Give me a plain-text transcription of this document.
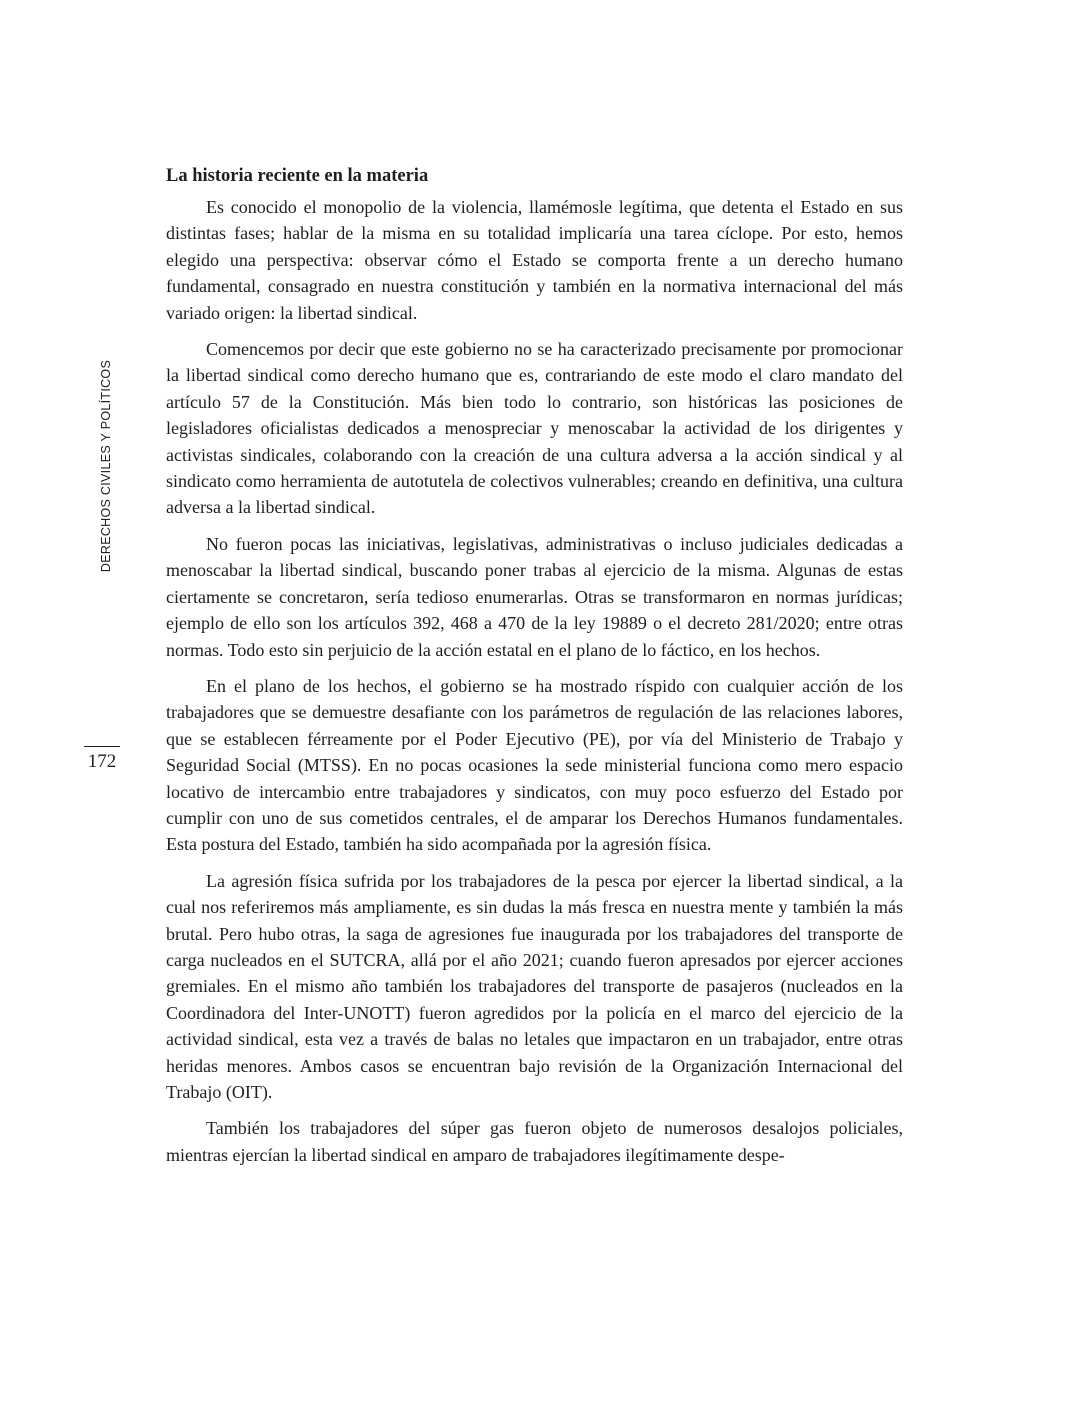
DERECHOS CIVILES Y POLÍTICOS
172
La historia reciente en la materia

Es conocido el monopolio de la violencia, llamémosle legítima, que detenta el Estado en sus distintas fases; hablar de la misma en su totalidad implicaría una tarea cíclope. Por esto, hemos elegido una perspectiva: observar cómo el Estado se comporta frente a un derecho humano fundamental, consagrado en nuestra constitución y también en la normativa internacional del más variado origen: la libertad sindical.

Comencemos por decir que este gobierno no se ha caracterizado precisamente por promocionar la libertad sindical como derecho humano que es, contrariando de este modo el claro mandato del artículo 57 de la Constitución. Más bien todo lo contrario, son históricas las posiciones de legisladores oficialistas dedicados a menospreciar y menoscabar la actividad de los dirigentes y activistas sindicales, colaborando con la creación de una cultura adversa a la acción sindical y al sindicato como herramienta de autotutela de colectivos vulnerables; creando en definitiva, una cultura adversa a la libertad sindical.

No fueron pocas las iniciativas, legislativas, administrativas o incluso judiciales dedicadas a menoscabar la libertad sindical, buscando poner trabas al ejercicio de la misma. Algunas de estas ciertamente se concretaron, sería tedioso enumerarlas. Otras se transformaron en normas jurídicas; ejemplo de ello son los artículos 392, 468 a 470 de la ley 19889 o el decreto 281/2020; entre otras normas. Todo esto sin perjuicio de la acción estatal en el plano de lo fáctico, en los hechos.

En el plano de los hechos, el gobierno se ha mostrado ríspido con cualquier acción de los trabajadores que se demuestre desafiante con los parámetros de regulación de las relaciones labores, que se establecen férreamente por el Poder Ejecutivo (PE), por vía del Ministerio de Trabajo y Seguridad Social (MTSS). En no pocas ocasiones la sede ministerial funciona como mero espacio locativo de intercambio entre trabajadores y sindicatos, con muy poco esfuerzo del Estado por cumplir con uno de sus cometidos centrales, el de amparar los Derechos Humanos fundamentales. Esta postura del Estado, también ha sido acompañada por la agresión física.

La agresión física sufrida por los trabajadores de la pesca por ejercer la libertad sindical, a la cual nos referiremos más ampliamente, es sin dudas la más fresca en nuestra mente y también la más brutal. Pero hubo otras, la saga de agresiones fue inaugurada por los trabajadores del transporte de carga nucleados en el SUTCRA, allá por el año 2021; cuando fueron apresados por ejercer acciones gremiales. En el mismo año también los trabajadores del transporte de pasajeros (nucleados en la Coordinadora del Inter-UNOTT) fueron agredidos por la policía en el marco del ejercicio de la actividad sindical, esta vez a través de balas no letales que impactaron en un trabajador, entre otras heridas menores. Ambos casos se encuentran bajo revisión de la Organización Internacional del Trabajo (OIT).

También los trabajadores del súper gas fueron objeto de numerosos desalojos policiales, mientras ejercían la libertad sindical en amparo de trabajadores ilegítimamente despe-
